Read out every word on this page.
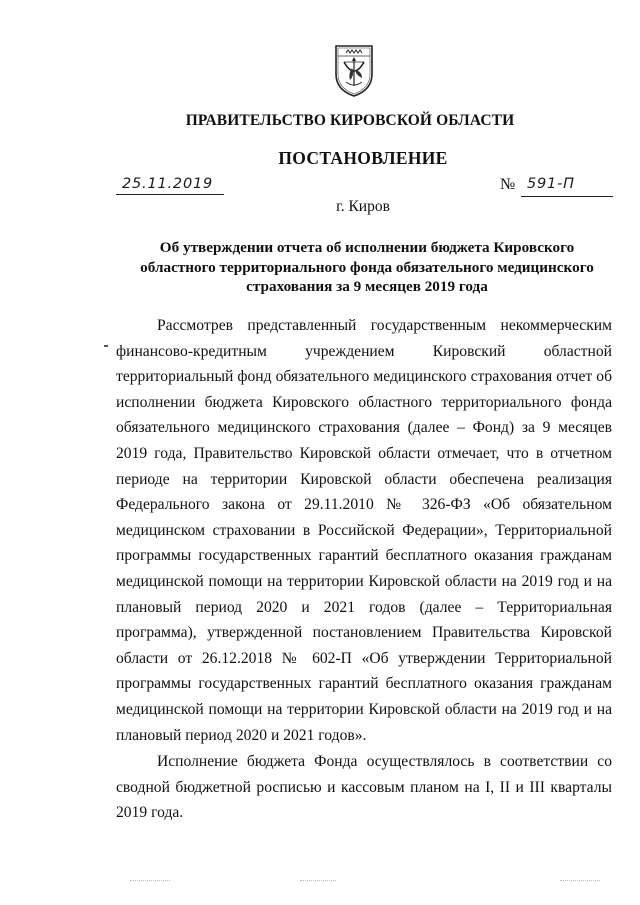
ПРАВИТЕЛЬСТВО КИРОВСКОЙ ОБЛАСТИ
ПОСТАНОВЛЕНИЕ
25.11.2019	№ 591-П
г. Киров
Об утверждении отчета об исполнении бюджета Кировского областного территориального фонда обязательного медицинского страхования за 9 месяцев 2019 года

Рассмотрев представленный государственным некоммерческим финансово-кредитным учреждением Кировский областной территориальный фонд обязательного медицинского страхования отчет об исполнении бюджета Кировского областного территориального фонда обязательного медицинского страхования (далее – Фонд) за 9 месяцев 2019 года, Правительство Кировской области отмечает, что в отчетном периоде на территории Кировской области обеспечена реализация Федерального закона от 29.11.2010 № 326-ФЗ «Об обязательном медицинском страховании в Российской Федерации», Территориальной программы государственных гарантий бесплатного оказания гражданам медицинской помощи на территории Кировской области на 2019 год и на плановый период 2020 и 2021 годов (далее – Территориальная программа), утвержденной постановлением Правительства Кировской области от 26.12.2018 № 602-П «Об утверждении Территориальной программы государственных гарантий бесплатного оказания гражданам медицинской помощи на территории Кировской области на 2019 год и на плановый период 2020 и 2021 годов».

Исполнение бюджета Фонда осуществлялось в соответствии со сводной бюджетной росписью и кассовым планом на I, II и III кварталы 2019 года.
